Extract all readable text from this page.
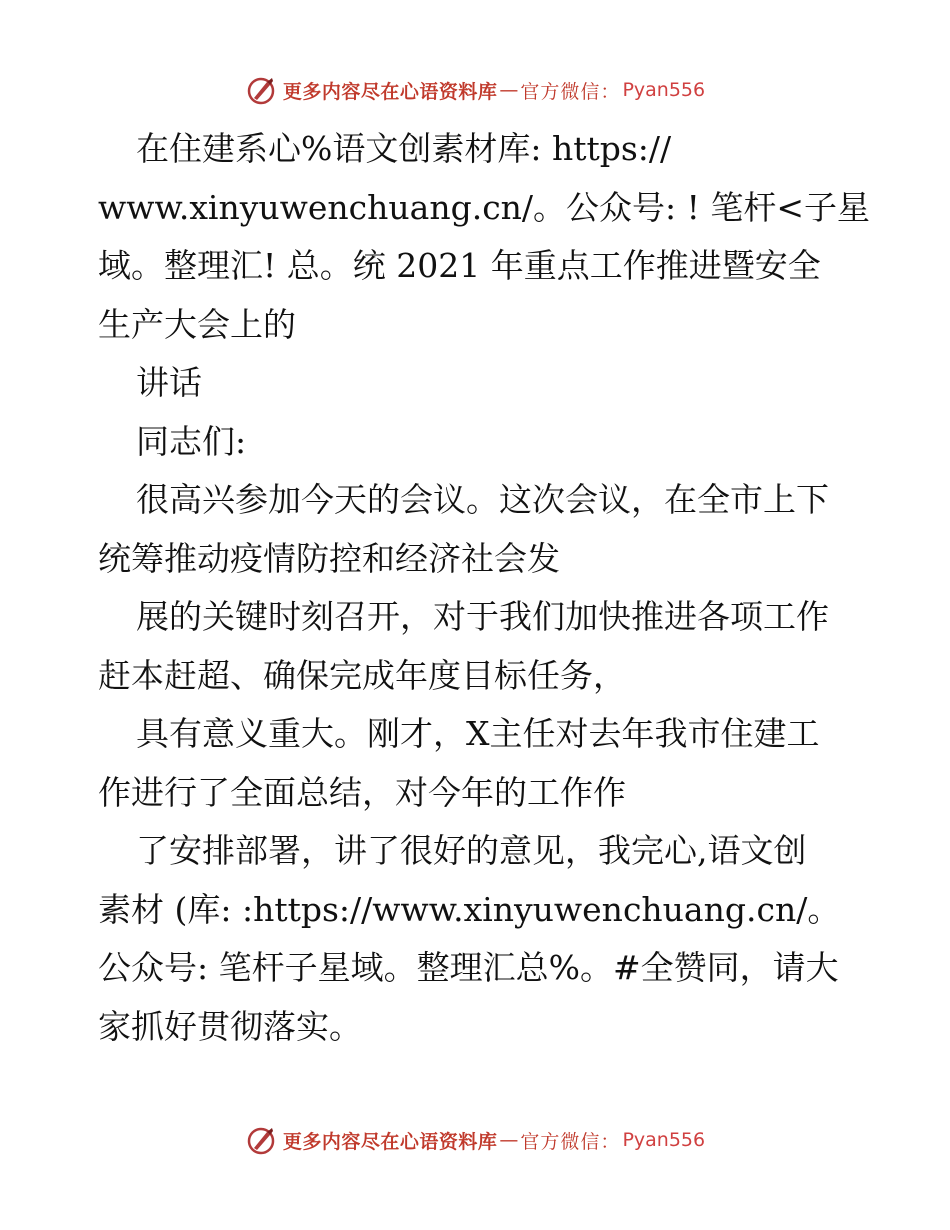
更多内容尽在心语资料库 — 官方微信： Pyan556
在住建系心%语文创素材库: https://
www.xinyuwenchuang.cn/。公众号: ! 笔杆<子星
域。整理汇! 总。统 2021 年重点工作推进暨安全
生产大会上的
讲话
同志们:
很高兴参加今天的会议。这次会议，在全市上下
统筹推动疫情防控和经济社会发
展的关键时刻召开，对于我们加快推进各项工作
赶本赶超、确保完成年度目标任务，
具有意义重大。刚才，X主任对去年我市住建工
作进行了全面总结，对今年的工作作
了安排部署，讲了很好的意见，我完心,语文创
素材 (库: :https://www.xinyuwenchuang.cn/。
公众号: 笔杆子星域。整理汇总%。#全赞同，请大
家抓好贯彻落实。
更多内容尽在心语资料库 — 官方微信： Pyan556
